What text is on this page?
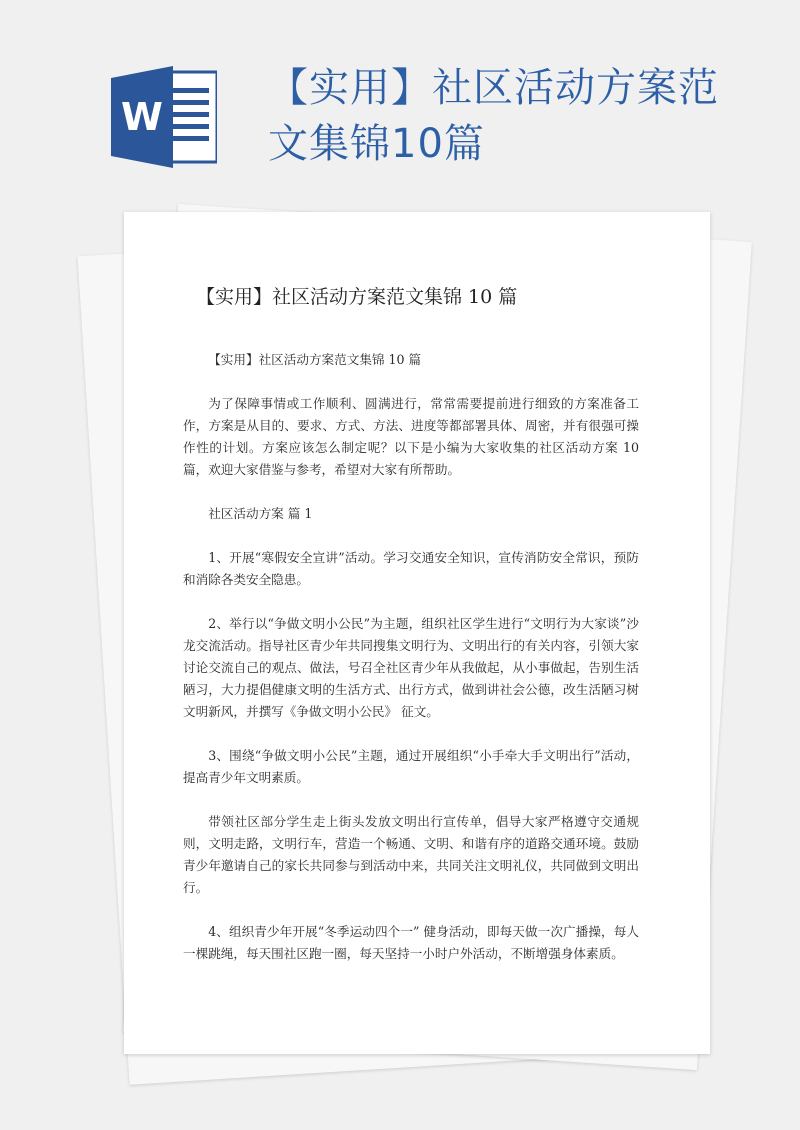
W
【实用】社区活动方案范文集锦10篇
【实用】社区活动方案范文集锦 10 篇

【实用】社区活动方案范文集锦 10 篇

为了保障事情或工作顺利、圆满进行，常常需要提前进行细致的方案准备工作，方案是从目的、要求、方式、方法、进度等都部署具体、周密，并有很强可操作性的计划。方案应该怎么制定呢？以下是小编为大家收集的社区活动方案 10 篇，欢迎大家借鉴与参考，希望对大家有所帮助。

社区活动方案 篇 1

1、开展“寒假安全宣讲”活动。学习交通安全知识，宣传消防安全常识，预防和消除各类安全隐患。

2、举行以“争做文明小公民”为主题，组织社区学生进行“文明行为大家谈”沙龙交流活动。指导社区青少年共同搜集文明行为、文明出行的有关内容，引领大家讨论交流自己的观点、做法，号召全社区青少年从我做起，从小事做起，告别生活陋习，大力提倡健康文明的生活方式、出行方式，做到讲社会公德，改生活陋习树文明新风，并撰写《争做文明小公民》 征文。

3、围绕“争做文明小公民”主题，通过开展组织“小手牵大手文明出行”活动，提高青少年文明素质。

带领社区部分学生走上街头发放文明出行宣传单，倡导大家严格遵守交通规则，文明走路，文明行车，营造一个畅通、文明、和谐有序的道路交通环境。鼓励青少年邀请自己的家长共同参与到活动中来，共同关注文明礼仪，共同做到文明出行。

4、组织青少年开展“冬季运动四个一” 健身活动，即每天做一次广播操，每人一棵跳绳，每天围社区跑一圈，每天坚持一小时户外活动，不断增强身体素质。
